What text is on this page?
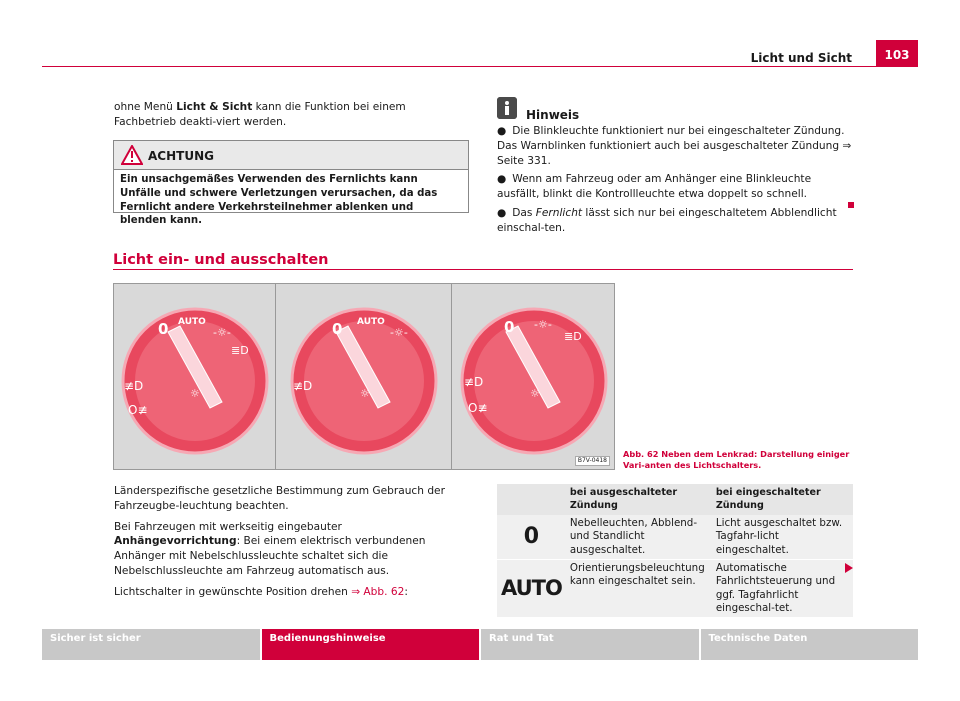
Licht und Sicht	103
ohne Menü Licht & Sicht kann die Funktion bei einem Fachbetrieb deakti-viert werden.
ACHTUNG
Ein unsachgemäßes Verwenden des Fernlichts kann Unfälle und schwere Verletzungen verursachen, da das Fernlicht andere Verkehrsteilnehmer ablenken und blenden kann.
Hinweis

● Die Blinkleuchte funktioniert nur bei eingeschalteter Zündung. Das Warnblinken funktioniert auch bei ausgeschalteter Zündung ⇒ Seite 331.

● Wenn am Fahrzeug oder am Anhänger eine Blinkleuchte ausfällt, blinkt die Kontrollleuchte etwa doppelt so schnell.

● Das Fernlicht lässt sich nur bei eingeschaltetem Abblendlicht einschal-ten.

Licht ein- und ausschalten
0 AUTO
-☼-
≣D
≢D
O≢
☼
0 AUTO
-☼-
≢D
☼
0 -☼-
≣D
≢D
O≢
☼
B7V-0418
Abb. 62 Neben dem Lenkrad: Darstellung einiger Vari-anten des Lichtschalters.

Länderspezifische gesetzliche Bestimmung zum Gebrauch der Fahrzeugbe-leuchtung beachten.

Bei Fahrzeugen mit werkseitig eingebauter Anhängevorrichtung: Bei einem elektrisch verbundenen Anhänger mit Nebelschlussleuchte schaltet sich die Nebelschlussleuchte am Fahrzeug automatisch aus.

Lichtschalter in gewünschte Position drehen ⇒ Abb. 62:

	bei ausgeschalteter Zündung	bei eingeschalteter Zündung
0	Nebelleuchten, Abblend- und Standlicht ausgeschaltet.	Licht ausgeschaltet bzw. Tagfahr-licht eingeschaltet.
AUTO	Orientierungsbeleuchtung kann eingeschaltet sein.	Automatische Fahrlichtsteuerung und ggf. Tagfahrlicht eingeschal-tet.
Sicher ist sicher	Bedienungshinweise	Rat und Tat	Technische Daten
